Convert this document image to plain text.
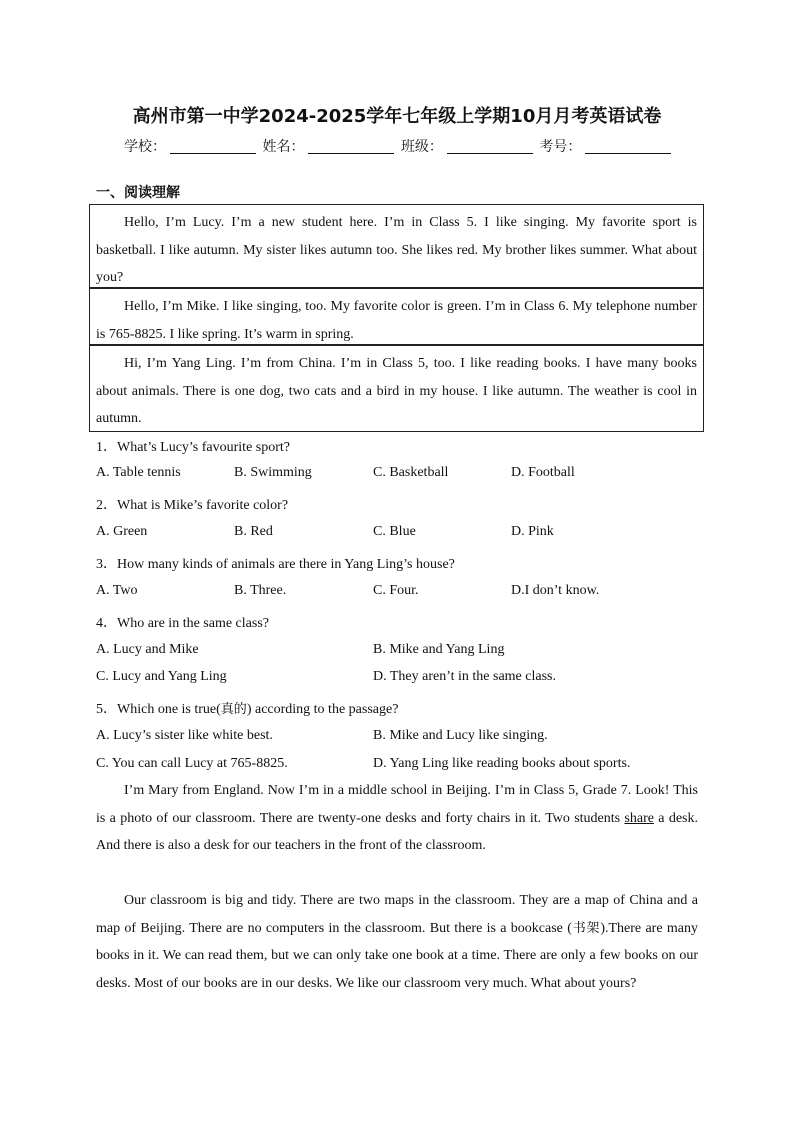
高州市第一中学2024-2025学年七年级上学期10月月考英语试卷
学校：	姓名：	班级：	考号：
一、阅读理解

Hello, I’m Lucy. I’m a new student here. I’m in Class 5. I like singing. My favorite sport is basketball. I like autumn. My sister likes autumn too. She likes red. My brother likes summer. What about you?

Hello, I’m Mike. I like singing, too. My favorite color is green. I’m in Class 6. My telephone number is 765-8825. I like spring. It’s warm in spring.

Hi, I’m Yang Ling. I’m from China. I’m in Class 5, too. I like reading books. I have many books about animals. There is one dog, two cats and a bird in my house. I like autumn. The weather is cool in autumn.

1．What’s Lucy’s favourite sport?
A. Table tennis	B. Swimming	C. Basketball	D. Football
2．What is Mike’s favorite color?
A. Green	B. Red	C. Blue	D. Pink
3．How many kinds of animals are there in Yang Ling’s house?
A. Two	B. Three.	C. Four.	D.I don’t know.
4．Who are in the same class?
A. Lucy and Mike	B. Mike and Yang Ling
C. Lucy and Yang Ling	D. They aren’t in the same class.
5．Which one is true(真的) according to the passage?
A. Lucy’s sister like white best.	B. Mike and Lucy like singing.
C. You can call Lucy at 765-8825.	D. Yang Ling like reading books about sports.

I’m Mary from England. Now I’m in a middle school in Beijing. I’m in Class 5, Grade 7. Look! This is a photo of our classroom. There are twenty-one desks and forty chairs in it. Two students share a desk. And there is also a desk for our teachers in the front of the classroom.

Our classroom is big and tidy. There are two maps in the classroom. They are a map of China and a map of Beijing. There are no computers in the classroom. But there is a bookcase (书架).There are many books in it. We can read them, but we can only take one book at a time. There are only a few books on our desks. Most of our books are in our desks. We like our classroom very much. What about yours?
